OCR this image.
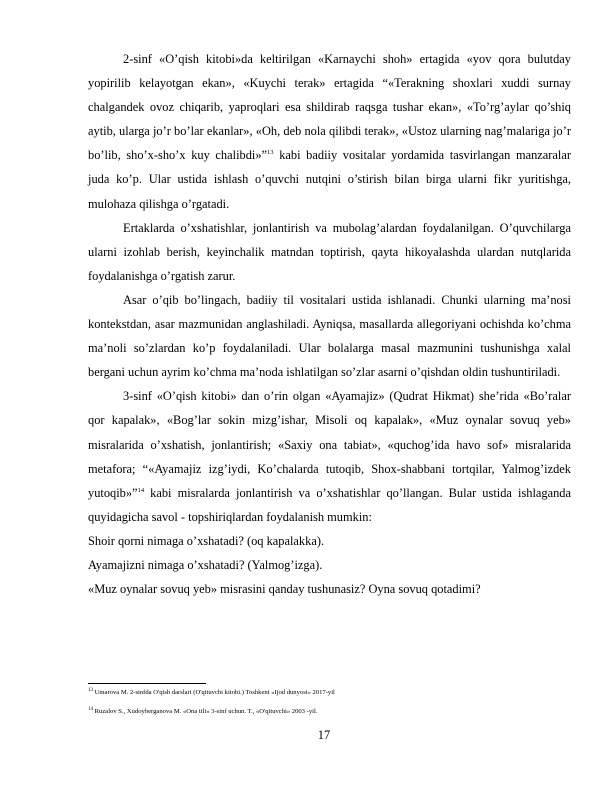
2-sinf «O’qish kitobi»da keltirilgan «Karnaychi shoh» ertagida «yov qora bulutday yopirilib kelayotgan ekan», «Kuychi terak» ertagida “«Terakning shoxlari xuddi surnay chalgandek ovoz chiqarib, yaproqlari esa shildirab raqsga tushar ekan», «To’rg’aylar qo’shiq aytib, ularga jo’r bo’lar ekanlar», «Oh, deb nola qilibdi terak», «Ustoz ularning nag’malariga jo’r bo’lib, sho’x-sho’x kuy chalibdi»”$^{13}$ kabi badiiy vositalar yordamida tasvirlangan manzaralar juda ko’p. Ular ustida ishlash o’quvchi nutqini o’stirish bilan birga ularni fikr yuritishga, mulohaza qilishga o’rgatadi.

Ertaklarda o’xshatishlar, jonlantirish va mubolag’alardan foydalanilgan. O’quvchilarga ularni izohlab berish, keyinchalik matndan toptirish, qayta hikoyalashda ulardan nutqlarida foydalanishga o’rgatish zarur.

Asar o’qib bo’lingach, badiiy til vositalari ustida ishlanadi. Chunki ularning ma’nosi kontekstdan, asar mazmunidan anglashiladi. Ayniqsa, masallarda allegoriyani ochishda ko’chma ma’noli so’zlardan ko’p foydalaniladi. Ular bolalarga masal mazmunini tushunishga xalal bergani uchun ayrim ko’chma ma’noda ishlatilgan so’zlar asarni o’qishdan oldin tushuntiriladi.

3-sinf «O’qish kitobi» dan o’rin olgan «Ayamajiz» (Qudrat Hikmat) she’rida «Bo’ralar qor kapalak», «Bog’lar sokin mizg’ishar, Misoli oq kapalak», «Muz oynalar sovuq yeb» misralarida o’xshatish, jonlantirish; «Saxiy ona tabiat», «quchog’ida havo sof» misralarida metafora; “«Ayamajiz izg’iydi, Ko’chalarda tutoqib, Shox-shabbani tortqilar, Yalmog’izdek yutoqib»”$^{14}$ kabi misralarda jonlantirish va o’xshatishlar qo’llangan. Bular ustida ishlaganda quyidagicha savol - topshiriqlardan foydalanish mumkin:

Shoir qorni nimaga o’xshatadi? (oq kapalakka).

Ayamajizni nimaga o’xshatadi? (Yalmog’izga).

«Muz oynalar sovuq yeb» misrasini qanday tushunasiz? Oyna sovuq qotadimi?

$^{13}$ Umarova M. 2-sinfda O'qish darslari (O'qituvchi kitobi.) Toshkent «Ijod dunyosi» 2017-yil

$^{14}$ Ruzalov S., Xudoyberganova M. «Ona tili» 3-sinf uchun. T., «O'qituvchi» 2003 -yil.

17
